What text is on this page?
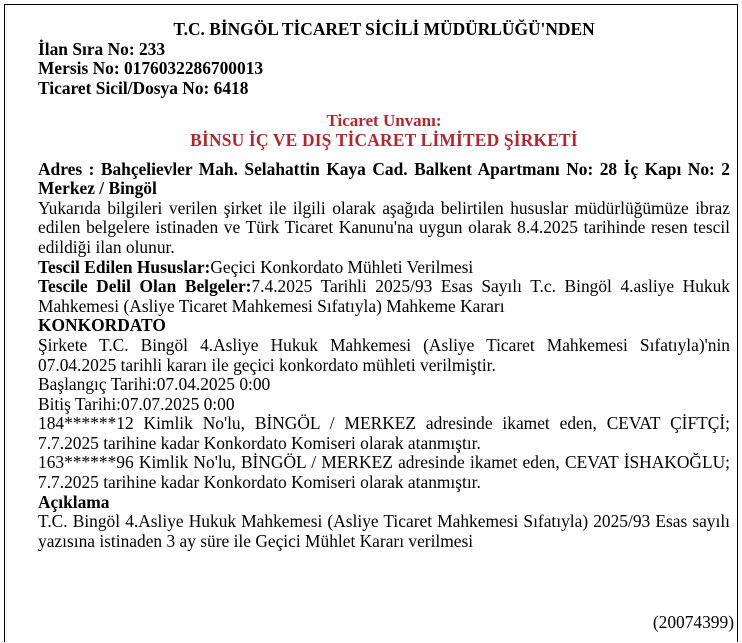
T.C. BİNGÖL TİCARET SİCİLİ MÜDÜRLÜĞÜ'NDEN

İlan Sıra No: 233

Mersis No: 0176032286700013

Ticaret Sicil/Dosya No: 6418

Ticaret Unvanı:

BİNSU İÇ VE DIŞ TİCARET LİMİTED ŞİRKETİ

Adres : Bahçelievler Mah. Selahattin Kaya Cad. Balkent Apartmanı No: 28 İç Kapı No: 2 Merkez / Bingöl

Yukarıda bilgileri verilen şirket ile ilgili olarak aşağıda belirtilen hususlar müdürlüğümüze ibraz edilen belgelere istinaden ve Türk Ticaret Kanunu'na uygun olarak 8.4.2025 tarihinde resen tescil edildiği ilan olunur.

Tescil Edilen Hususlar:Geçici Konkordato Mühleti Verilmesi

Tescile Delil Olan Belgeler:7.4.2025 Tarihli 2025/93 Esas Sayılı T.c. Bingöl 4.asliye Hukuk Mahkemesi (Asliye Ticaret Mahkemesi Sıfatıyla) Mahkeme Kararı

KONKORDATO

Şirkete T.C. Bingöl 4.Asliye Hukuk Mahkemesi (Asliye Ticaret Mahkemesi Sıfatıyla)'nin 07.04.2025 tarihli kararı ile geçici konkordato mühleti verilmiştir.

Başlangıç Tarihi:07.04.2025 0:00

Bitiş Tarihi:07.07.2025 0:00

184******12 Kimlik No'lu, BİNGÖL / MERKEZ adresinde ikamet eden, CEVAT ÇİFTÇİ; 7.7.2025 tarihine kadar Konkordato Komiseri olarak atanmıştır.

163******96 Kimlik No'lu, BİNGÖL / MERKEZ adresinde ikamet eden, CEVAT İSHAKOĞLU; 7.7.2025 tarihine kadar Konkordato Komiseri olarak atanmıştır.

Açıklama

T.C. Bingöl 4.Asliye Hukuk Mahkemesi (Asliye Ticaret Mahkemesi Sıfatıyla) 2025/93 Esas sayılı yazısına istinaden 3 ay süre ile Geçici Mühlet Kararı verilmesi

(20074399)
